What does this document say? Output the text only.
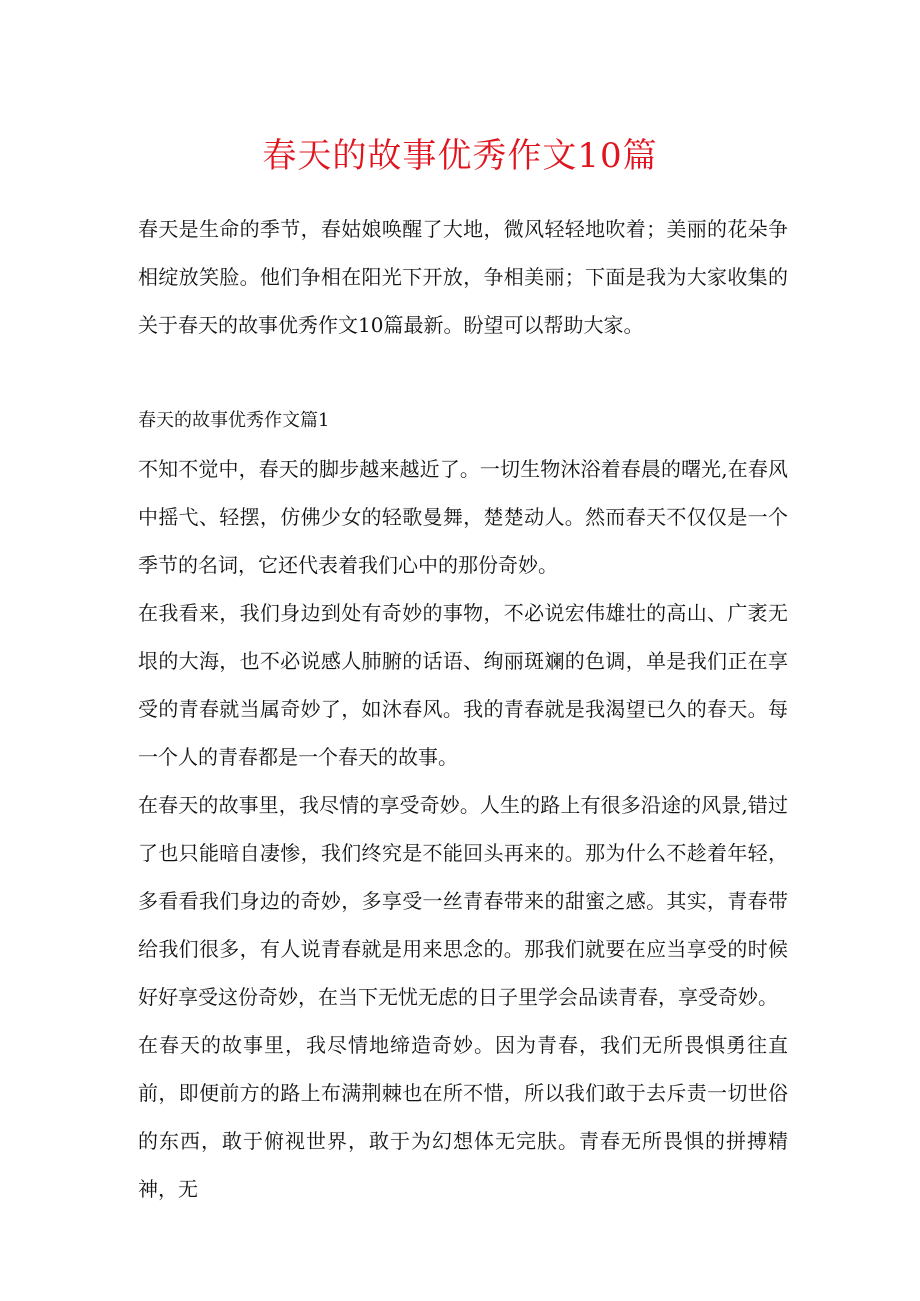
春天的故事优秀作文10篇

春天是生命的季节，春姑娘唤醒了大地，微风轻轻地吹着；美丽的花朵争相绽放笑脸。他们争相在阳光下开放，争相美丽；下面是我为大家收集的关于春天的故事优秀作文10篇最新。盼望可以帮助大家。

春天的故事优秀作文篇1

不知不觉中，春天的脚步越来越近了。一切生物沐浴着春晨的曙光,在春风中摇弋、轻摆，仿佛少女的轻歌曼舞，楚楚动人。然而春天不仅仅是一个季节的名词，它还代表着我们心中的那份奇妙。

在我看来，我们身边到处有奇妙的事物，不必说宏伟雄壮的高山、广袤无垠的大海，也不必说感人肺腑的话语、绚丽斑斓的色调，单是我们正在享受的青春就当属奇妙了，如沐春风。我的青春就是我渴望已久的春天。每一个人的青春都是一个春天的故事。

在春天的故事里，我尽情的享受奇妙。人生的路上有很多沿途的风景,错过了也只能暗自凄惨，我们终究是不能回头再来的。那为什么不趁着年轻，多看看我们身边的奇妙，多享受一丝青春带来的甜蜜之感。其实，青春带给我们很多，有人说青春就是用来思念的。那我们就要在应当享受的时候好好享受这份奇妙，在当下无忧无虑的日子里学会品读青春，享受奇妙。

在春天的故事里，我尽情地缔造奇妙。因为青春，我们无所畏惧勇往直前，即便前方的路上布满荆棘也在所不惜，所以我们敢于去斥责一切世俗的东西，敢于俯视世界，敢于为幻想体无完肤。青春无所畏惧的拼搏精神，无
